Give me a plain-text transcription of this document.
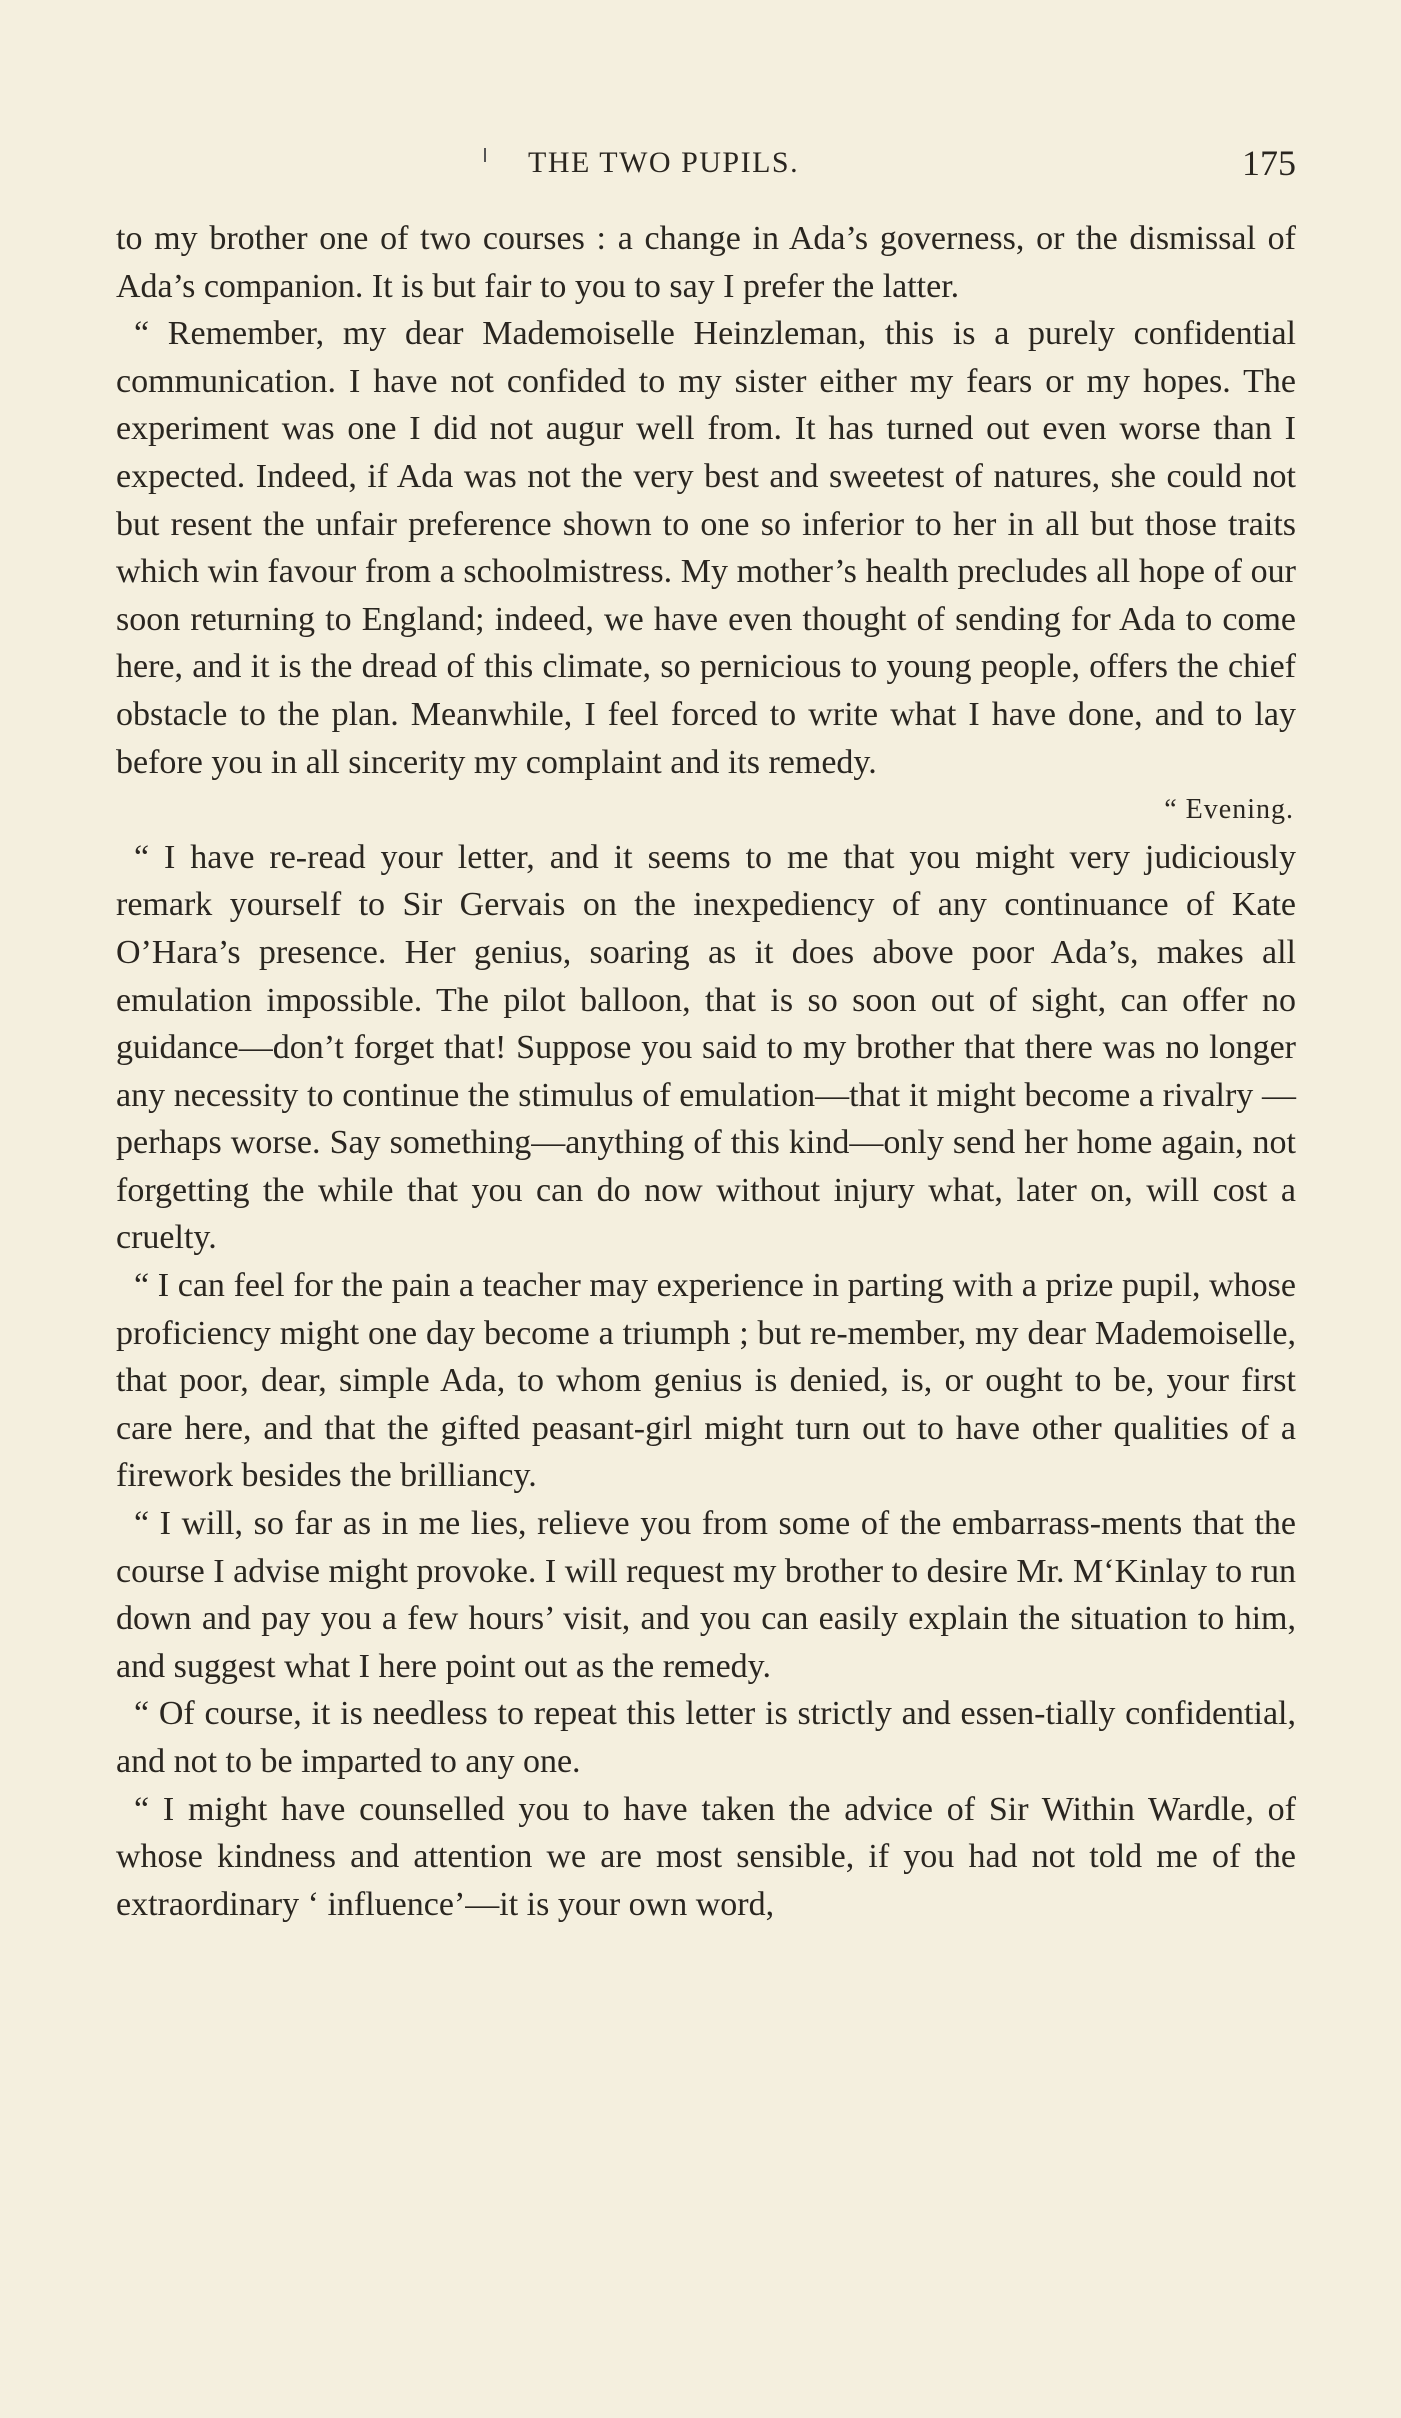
THE TWO PUPILS.	175

to my brother one of two courses : a change in Ada’s governess, or the dismissal of Ada’s companion. It is but fair to you to say I prefer the latter.

“ Remember, my dear Mademoiselle Heinzleman, this is a purely confidential communication. I have not confided to my sister either my fears or my hopes. The experiment was one I did not augur well from. It has turned out even worse than I expected. Indeed, if Ada was not the very best and sweetest of natures, she could not but resent the unfair preference shown to one so inferior to her in all but those traits which win favour from a schoolmistress. My mother’s health precludes all hope of our soon returning to England; indeed, we have even thought of sending for Ada to come here, and it is the dread of this climate, so pernicious to young people, offers the chief obstacle to the plan. Meanwhile, I feel forced to write what I have done, and to lay before you in all sincerity my complaint and its remedy.

“ Evening.

“ I have re-read your letter, and it seems to me that you might very judiciously remark yourself to Sir Gervais on the inexpediency of any continuance of Kate O’Hara’s presence. Her genius, soaring as it does above poor Ada’s, makes all emulation impossible. The pilot balloon, that is so soon out of sight, can offer no guidance—don’t forget that! Suppose you said to my brother that there was no longer any necessity to continue the stimulus of emulation—that it might become a rivalry —perhaps worse. Say something—anything of this kind—only send her home again, not forgetting the while that you can do now without injury what, later on, will cost a cruelty.

“ I can feel for the pain a teacher may experience in parting with a prize pupil, whose proficiency might one day become a triumph ; but re-member, my dear Mademoiselle, that poor, dear, simple Ada, to whom genius is denied, is, or ought to be, your first care here, and that the gifted peasant-girl might turn out to have other qualities of a firework besides the brilliancy.

“ I will, so far as in me lies, relieve you from some of the embarrass-ments that the course I advise might provoke. I will request my brother to desire Mr. M‘Kinlay to run down and pay you a few hours’ visit, and you can easily explain the situation to him, and suggest what I here point out as the remedy.

“ Of course, it is needless to repeat this letter is strictly and essen-tially confidential, and not to be imparted to any one.

“ I might have counselled you to have taken the advice of Sir Within Wardle, of whose kindness and attention we are most sensible, if you had not told me of the extraordinary ‘ influence’—it is your own word,
